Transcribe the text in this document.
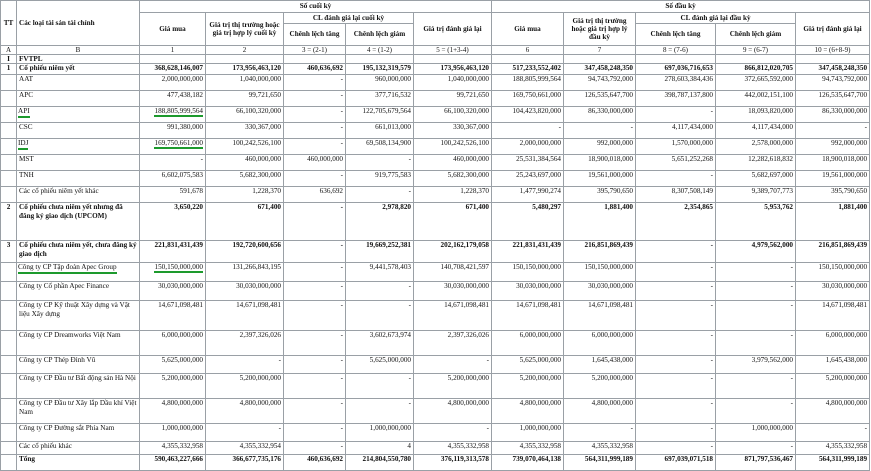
TT	Các loại tài sản tài chính	Số cuối kỳ					Số đầu kỳ				
		Giá mua	Giá trị thị trường hoặc giá trị hợp lý cuối kỳ	CL đánh giá lại cuối kỳ		Giá trị đánh giá lại	Giá mua	Giá trị thị trường hoặc giá trị hợp lý đầu kỳ	CL đánh giá lại đầu kỳ		Giá trị đánh giá lại
				Chênh lệch tăng	Chênh lệch giảm				Chênh lệch tăng	Chênh lệch giảm	
A	B	1	2	3 = (2-1)	4 = (1-2)	5 = (1+3-4)	6	7	8 = (7-6)	9 = (6-7)	10 = (6+8-9)
I	FVTPL										
1	Cổ phiếu niêm yết	368,628,146,007	173,956,463,120	460,636,692	195,132,319,579	173,956,463,120	517,233,552,402	347,458,248,350	697,036,716,653	866,812,020,705	347,458,248,350
	AAT	2,000,000,000	1,040,000,000	-	960,000,000	1,040,000,000	188,805,999,564	94,743,792,000	278,603,384,436	372,665,592,000	94,743,792,000
	APC	477,438,182	99,721,650	-	377,716,532	99,721,650	169,750,661,000	126,535,647,700	398,787,137,800	442,002,151,100	126,535,647,700
	API	188,805,999,564	66,100,320,000	-	122,705,679,564	66,100,320,000	104,423,820,000	86,330,000,000	-	18,093,820,000	86,330,000,000
	CSC	991,380,000	330,367,000	-	661,013,000	330,367,000	-	-	4,117,434,000	4,117,434,000	-
	IDJ	169,750,661,000	100,242,526,100	-	69,508,134,900	100,242,526,100	2,000,000,000	992,000,000	1,570,000,000	2,578,000,000	992,000,000
	MST	-	460,000,000	460,000,000	-	460,000,000	25,531,384,564	18,900,018,000	5,651,252,268	12,282,618,832	18,900,018,000
	TNH	6,602,075,583	5,682,300,000	-	919,775,583	5,682,300,000	25,243,697,000	19,561,000,000	-	5,682,697,000	19,561,000,000
	Các cổ phiếu niêm yết khác	591,678	1,228,370	636,692	-	1,228,370	1,477,990,274	395,790,650	8,307,508,149	9,389,707,773	395,790,650
2	Cổ phiếu chưa niêm yết nhưng đã đăng ký giao dịch (UPCOM)	3,650,220	671,400	-	2,978,820	671,400	5,480,297	1,881,400	2,354,865	5,953,762	1,881,400
3	Cổ phiếu chưa niêm yết, chưa đăng ký giao dịch	221,831,431,439	192,720,600,656	-	19,669,252,381	202,162,179,058	221,831,431,439	216,851,869,439	-	4,979,562,000	216,851,869,439
	Công ty CP Tập đoàn Apec Group	150,150,000,000	131,266,843,195	-	9,441,578,403	140,708,421,597	150,150,000,000	150,150,000,000	-	-	150,150,000,000
	Công ty Cổ phần Apec Finance	30,030,000,000	30,030,000,000	-	-	30,030,000,000	30,030,000,000	30,030,000,000	-	-	30,030,000,000
	Công ty CP Kỹ thuật Xây dựng và Vật liệu Xây dựng	14,671,098,481	14,671,098,481	-	-	14,671,098,481	14,671,098,481	14,671,098,481	-	-	14,671,098,481
	Công ty CP Dreamworks Việt Nam	6,000,000,000	2,397,326,026	-	3,602,673,974	2,397,326,026	6,000,000,000	6,000,000,000	-	-	6,000,000,000
	Công ty CP Thép Đình Vũ	5,625,000,000	-	-	5,625,000,000	-	5,625,000,000	1,645,438,000	-	3,979,562,000	1,645,438,000
	Công ty CP Đầu tư Bất động sản Hà Nội	5,200,000,000	5,200,000,000	-	-	5,200,000,000	5,200,000,000	5,200,000,000	-	-	5,200,000,000
	Công ty CP Đầu tư Xây lắp Dầu khí Việt Nam	4,800,000,000	4,800,000,000	-	-	4,800,000,000	4,800,000,000	4,800,000,000	-	-	4,800,000,000
	Công ty CP Đường sắt Phía Nam	1,000,000,000	-	-	1,000,000,000	-	1,000,000,000	-	-	1,000,000,000	-
	Các cổ phiếu khác	4,355,332,958	4,355,332,954	-	4	4,355,332,958	4,355,332,958	4,355,332,958	-	-	4,355,332,958
	Tổng	590,463,227,666	366,677,735,176	460,636,692	214,804,550,780	376,119,313,578	739,070,464,138	564,311,999,189	697,039,071,518	871,797,536,467	564,311,999,189
